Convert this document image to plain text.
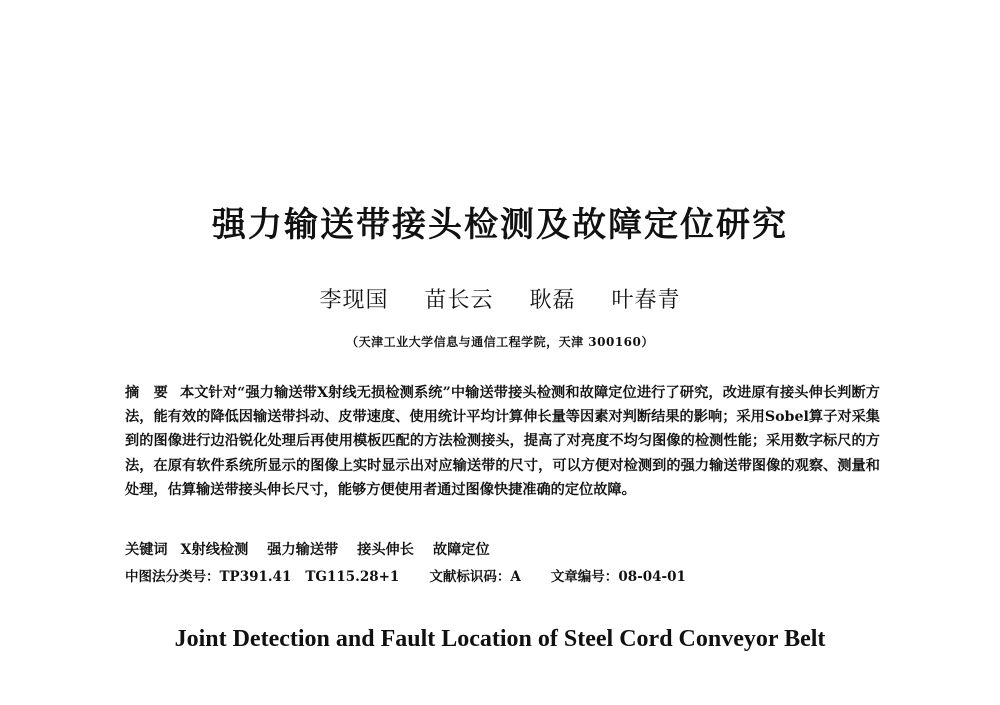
强力输送带接头检测及故障定位研究
李现国 苗长云 耿磊 叶春青
（天津工业大学信息与通信工程学院，天津 300160）
摘　要 本文针对“强力输送带X射线无损检测系统”中输送带接头检测和故障定位进行了研究，改进原有接头伸长判断方法，能有效的降低因输送带抖动、皮带速度、使用统计平均计算伸长量等因素对判断结果的影响；采用Sobel算子对采集到的图像进行边沿锐化处理后再使用模板匹配的方法检测接头，提高了对亮度不均匀图像的检测性能；采用数字标尺的方法，在原有软件系统所显示的图像上实时显示出对应输送带的尺寸，可以方便对检测到的强力输送带图像的观察、测量和处理，估算输送带接头伸长尺寸，能够方便使用者通过图像快捷准确的定位故障。
关键词 X射线检测 强力输送带 接头伸长 故障定位
中图法分类号：TP391.41 TG115.28+1 文献标识码：A 文章编号：08-04-01
Joint Detection and Fault Location of Steel Cord Conveyor Belt
